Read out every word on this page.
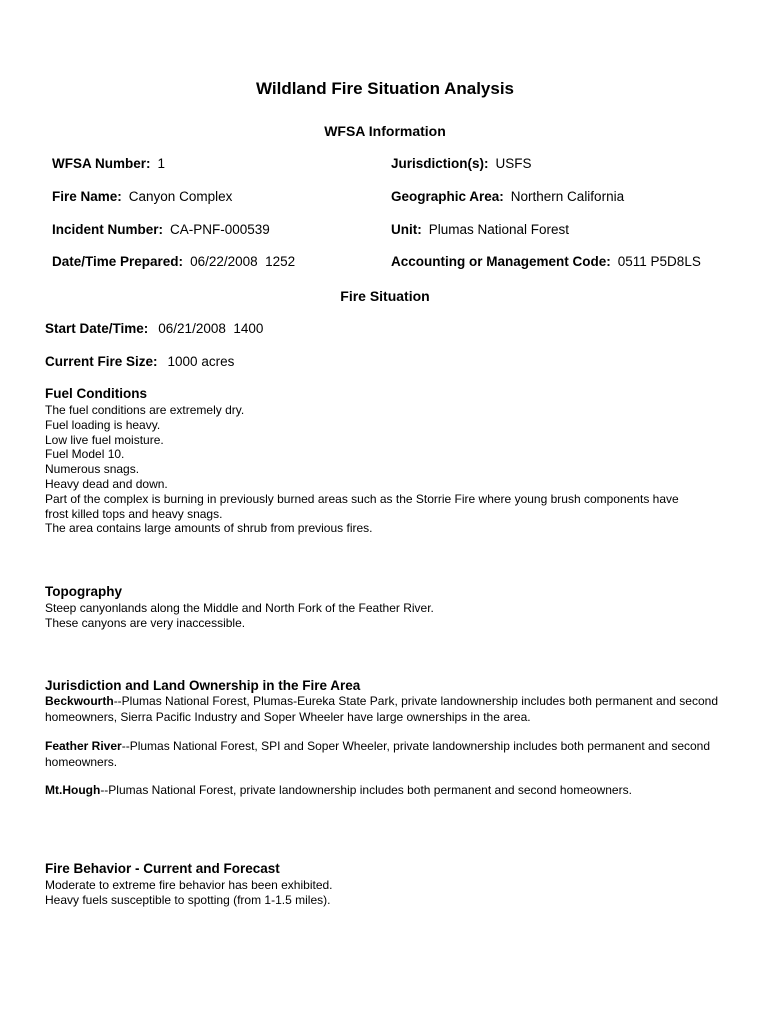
Wildland Fire Situation Analysis
WFSA Information
WFSA Number: 1	Jurisdiction(s): USFS
Fire Name: Canyon Complex	Geographic Area: Northern California
Incident Number: CA-PNF-000539	Unit: Plumas National Forest
Date/Time Prepared: 06/22/2008  1252	Accounting or Management Code: 0511 P5D8LS
Fire Situation
Start Date/Time: 06/21/2008  1400
Current Fire Size: 1000 acres
Fuel Conditions
The fuel conditions are extremely dry.
Fuel loading is heavy.
Low live fuel moisture.
Fuel Model 10.
Numerous snags.
Heavy dead and down.
Part of the complex is burning in previously burned areas such as the Storrie Fire where young brush components have
frost killed tops and heavy snags.
The area contains large amounts of shrub from previous fires.
Topography
Steep canyonlands along the Middle and North Fork of the Feather River.
These canyons are very inaccessible.
Jurisdiction and Land Ownership in the Fire Area
Beckwourth--Plumas National Forest, Plumas-Eureka State Park, private landownership includes both permanent and second homeowners, Sierra Pacific Industry and Soper Wheeler have large ownerships in the area.
Feather River--Plumas National Forest, SPI and Soper Wheeler, private landownership includes both permanent and second homeowners.
Mt.Hough--Plumas National Forest, private landownership includes both permanent and second homeowners.
Fire Behavior - Current and Forecast
Moderate to extreme fire behavior has been exhibited.
Heavy fuels susceptible to spotting (from 1-1.5 miles).
